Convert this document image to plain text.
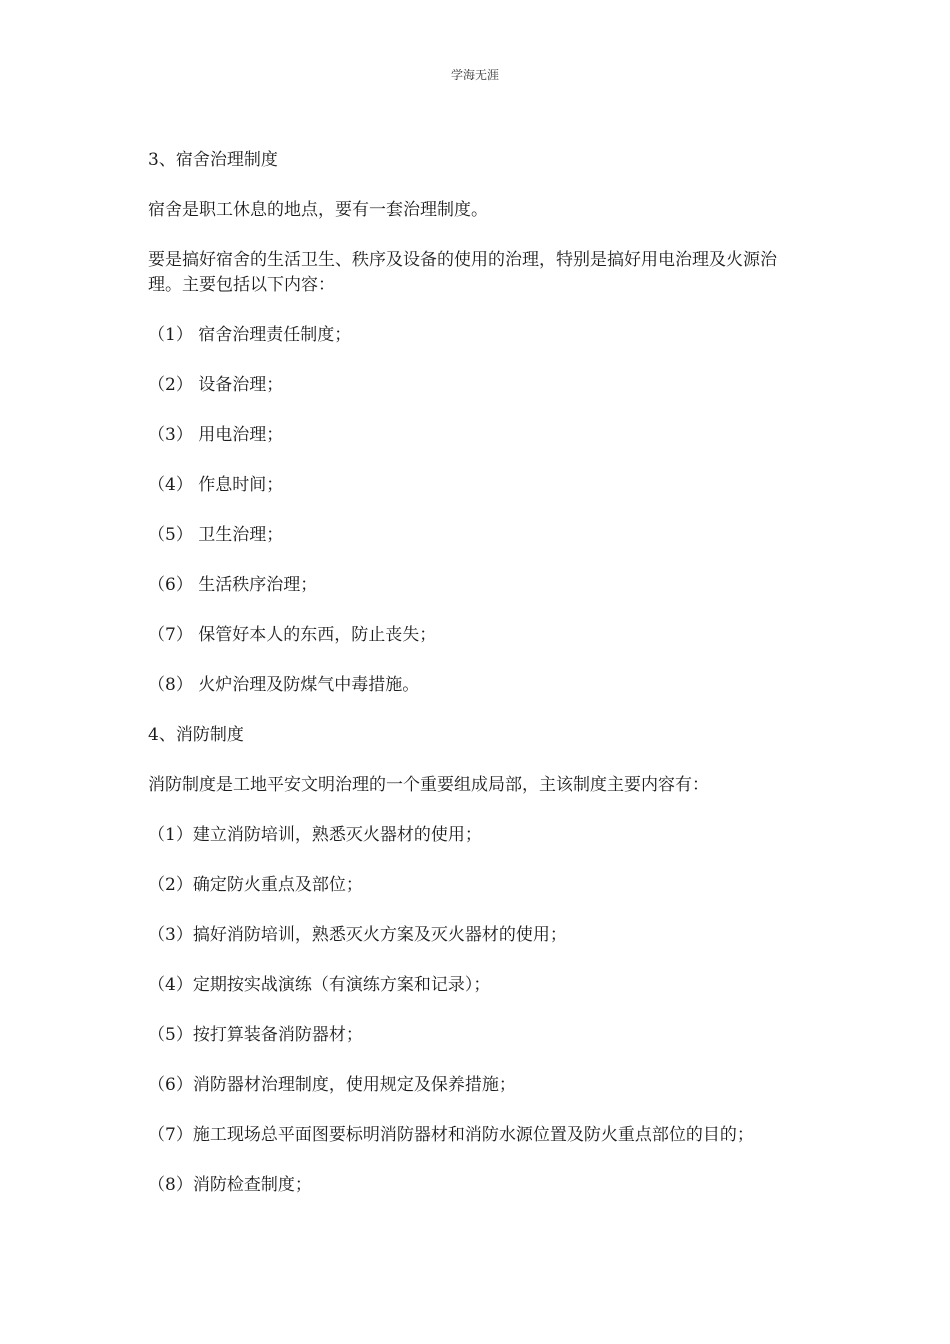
学海无涯
3、宿舍治理制度
宿舍是职工休息的地点，要有一套治理制度。
要是搞好宿舍的生活卫生、秩序及设备的使用的治理，特别是搞好用电治理及火源治理。主要包括以下内容：
（1） 宿舍治理责任制度；
（2） 设备治理；
（3） 用电治理；
（4） 作息时间；
（5） 卫生治理；
（6） 生活秩序治理；
（7） 保管好本人的东西，防止丧失；
（8） 火炉治理及防煤气中毒措施。
4、消防制度
消防制度是工地平安文明治理的一个重要组成局部，主该制度主要内容有：
（1）建立消防培训，熟悉灭火器材的使用；
（2）确定防火重点及部位；
（3）搞好消防培训，熟悉灭火方案及灭火器材的使用；
（4）定期按实战演练（有演练方案和记录）；
（5）按打算装备消防器材；
（6）消防器材治理制度，使用规定及保养措施；
（7）施工现场总平面图要标明消防器材和消防水源位置及防火重点部位的目的；
（8）消防检查制度；
